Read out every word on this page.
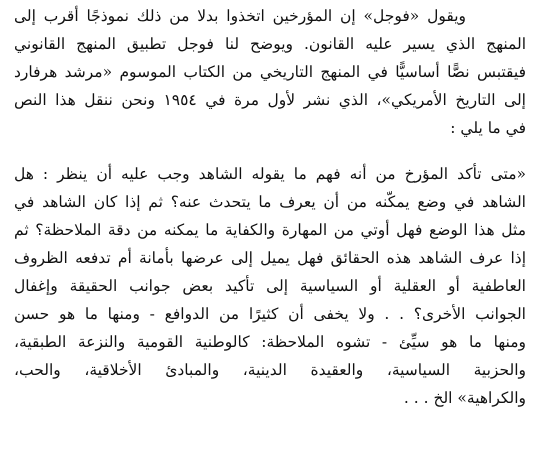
ويقول «فوجل» إن المؤرخين اتخذوا بدلا من ذلك نموذجًا أقرب إلى
المنهج الذي يسير عليه القانون. ويوضح لنا فوجل تطبيق المنهج القانوني
فيقتبس نصًّا أساسيًّا في المنهج التاريخي من الكتاب الموسوم «مرشد هرفارد
إلى التاريخ الأمريكي»، الذي نشر لأول مرة في ١٩٥٤ ونحن ننقل هذا النص
في ما يلي :

«متى تأكد المؤرخ من أنه فهم ما يقوله الشاهد وجب عليه أن ينظر : هل
الشاهد في وضع يمكّنه من أن يعرف ما يتحدث عنه؟ ثم إذا كان الشاهد في
مثل هذا الوضع فهل أوتي من المهارة والكفاية ما يمكنه من دقة الملاحظة؟ ثم
إذا عرف الشاهد هذه الحقائق فهل يميل إلى عرضها بأمانة أم تدفعه الظروف
العاطفية أو العقلية أو السياسية إلى تأكيد بعض جوانب الحقيقة وإغفال
الجوانب الأخرى؟ . . ولا يخفى أن كثيرًا من الدوافع - ومنها ما هو حسن
ومنها ما هو سيِّئ - تشوه الملاحظة: كالوطنية القومية والنزعة الطبقية،
والحزبية السياسية، والعقيدة الدينية، والمبادئ الأخلاقية، والحب،
والكراهية» الخ . . .
